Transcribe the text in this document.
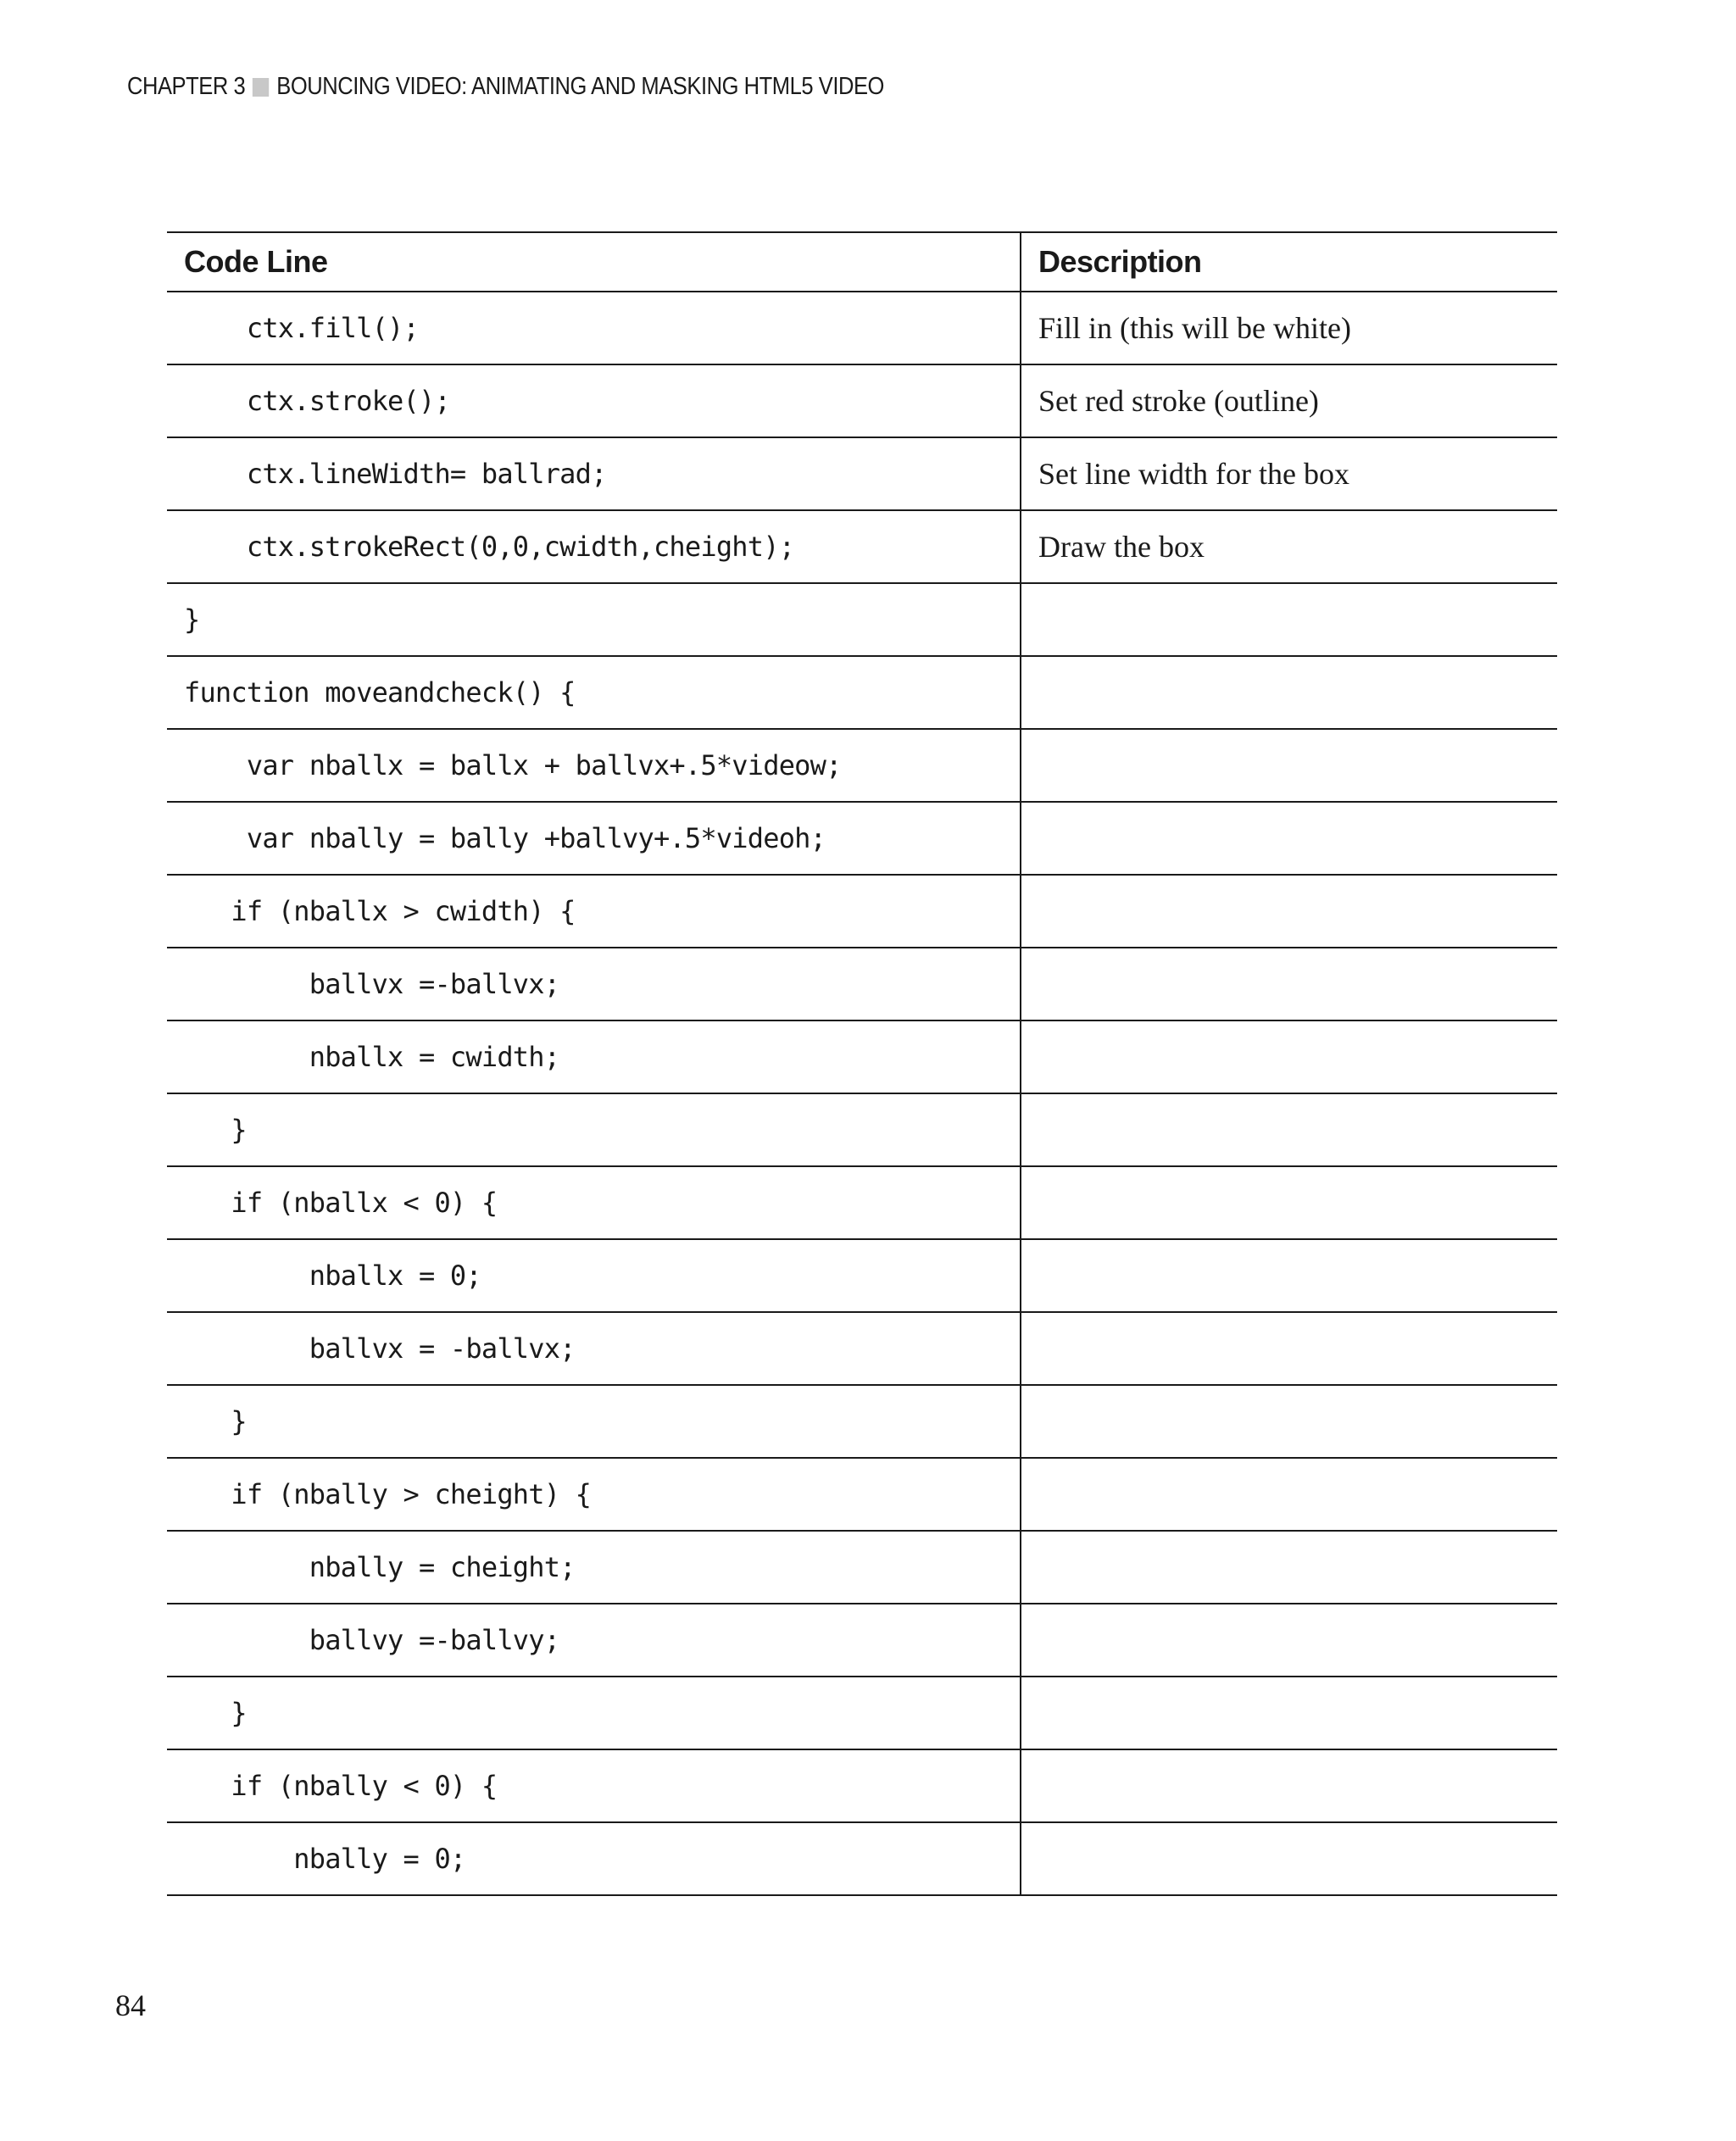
CHAPTER 3 BOUNCING VIDEO: ANIMATING AND MASKING HTML5 VIDEO
Code Line	Description
ctx.fill();	Fill in (this will be white)
ctx.stroke();	Set red stroke (outline)
ctx.lineWidth= ballrad;	Set line width for the box
ctx.strokeRect(0,0,cwidth,cheight);	Draw the box
}	
function moveandcheck() {	
var nballx = ballx + ballvx+.5*videow;	
var nbally = bally +ballvy+.5*videoh;	
if (nballx > cwidth) {	
ballvx =-ballvx;	
nballx = cwidth;	
}	
if (nballx < 0) {	
nballx = 0;	
ballvx = -ballvx;	
}	
if (nbally > cheight) {	
nbally = cheight;	
ballvy =-ballvy;	
}	
if (nbally < 0) {	
nbally = 0;	
84
